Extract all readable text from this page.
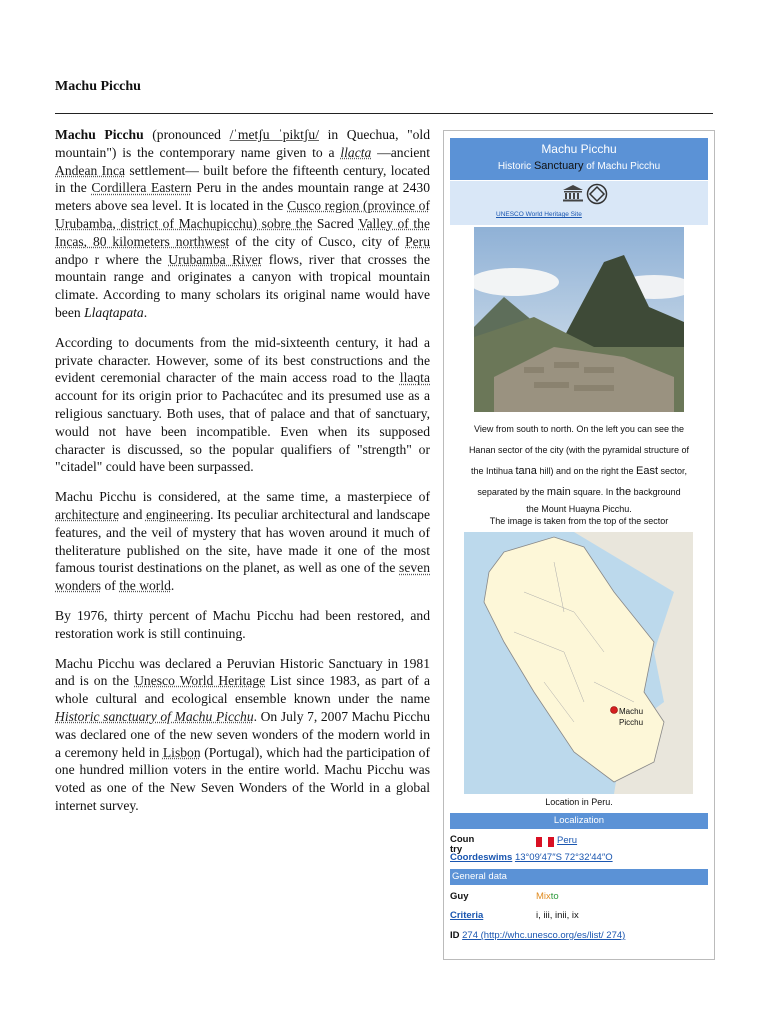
Machu Picchu

Machu Picchu (pronounced /ˈmetʃu ˈpiktʃu/ in Quechua, "old mountain") is the contemporary name given to a llacta —ancient Andean Inca settlement— built before the fifteenth century, located in the Cordillera Eastern Peru in the andes mountain range at 2430 meters above sea level. It is located in the Cusco region (province of Urubamba, district of Machupicchu) sobre the Sacred Valley of the Incas, 80 kilometers northwest of the city of Cusco, city of Peru andpo r where the Urubamba River flows, river that crosses the mountain range and originates a canyon with tropical mountain climate. According to many scholars its original name would have been Llaqtapata.

According to documents from the mid-sixteenth century, it had a private character. However, some of its best constructions and the evident ceremonial character of the main access road to the llaqta account for its origin prior to Pachacútec and its presumed use as a religious sanctuary. Both uses, that of palace and that of sanctuary, would not have been incompatible. Even when its supposed character is discussed, so the popular qualifiers of "strength" or "citadel" could have been surpassed.

Machu Picchu is considered, at the same time, a masterpiece of architecture and engineering. Its peculiar architectural and landscape features, and the veil of mystery that has woven around it much of theliterature published on the site, have made it one of the most famous tourist destinations on the planet, as well as one of the seven wonders of the world.

By 1976, thirty percent of Machu Picchu had been restored, and restoration work is still continuing.

Machu Picchu was declared a Peruvian Historic Sanctuary in 1981 and is on the Unesco World Heritage List since 1983, as part of a whole cultural and ecological ensemble known under the name Historic sanctuary of Machu Picchu. On July 7, 2007 Machu Picchu was declared one of the new seven wonders of the modern world in a ceremony held in Lisbon (Portugal), which had the participation of one hundred million voters in the entire world. Machu Picchu was voted as one of the New Seven Wonders of the World in a global internet survey.

Machu Picchu
Historic Sanctuary of Machu Picchu
UNESCO World Heritage Site
View from south to north. On the left you can see the
Hanan sector of the city (with the pyramidal structure of
the Intihua tana hill) and on the right the East sector,
separated by the main square. In the background
the Mount Huayna Picchu.
The image is taken from the top of the sector
Machu
Picchu
Location in Peru.
Localization
Coun try
Peru
Coordeswims 13°09′47″S 72°32′44″O
General data
Guy	Mixto
Criteria	i, iii, inii, ix
ID 274 (http://whc.unesco.org/es/list/ 274)
